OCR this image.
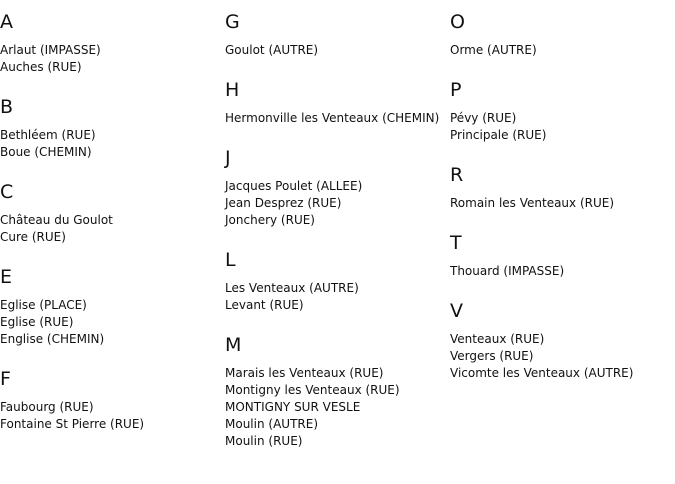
A
Arlaut (IMPASSE)
Auches (RUE)
B
Bethléem (RUE)
Boue (CHEMIN)
C
Château du Goulot
Cure (RUE)
E
Eglise (PLACE)
Eglise (RUE)
Englise (CHEMIN)
F
Faubourg (RUE)
Fontaine St Pierre (RUE)
G
Goulot (AUTRE)
H
Hermonville les Venteaux (CHEMIN)
J
Jacques Poulet (ALLEE)
Jean Desprez (RUE)
Jonchery (RUE)
L
Les Venteaux (AUTRE)
Levant (RUE)
M
Marais les Venteaux (RUE)
Montigny les Venteaux (RUE)
MONTIGNY SUR VESLE
Moulin (AUTRE)
Moulin (RUE)
O
Orme (AUTRE)
P
Pévy (RUE)
Principale (RUE)
R
Romain les Venteaux (RUE)
T
Thouard (IMPASSE)
V
Venteaux (RUE)
Vergers (RUE)
Vicomte les Venteaux (AUTRE)
